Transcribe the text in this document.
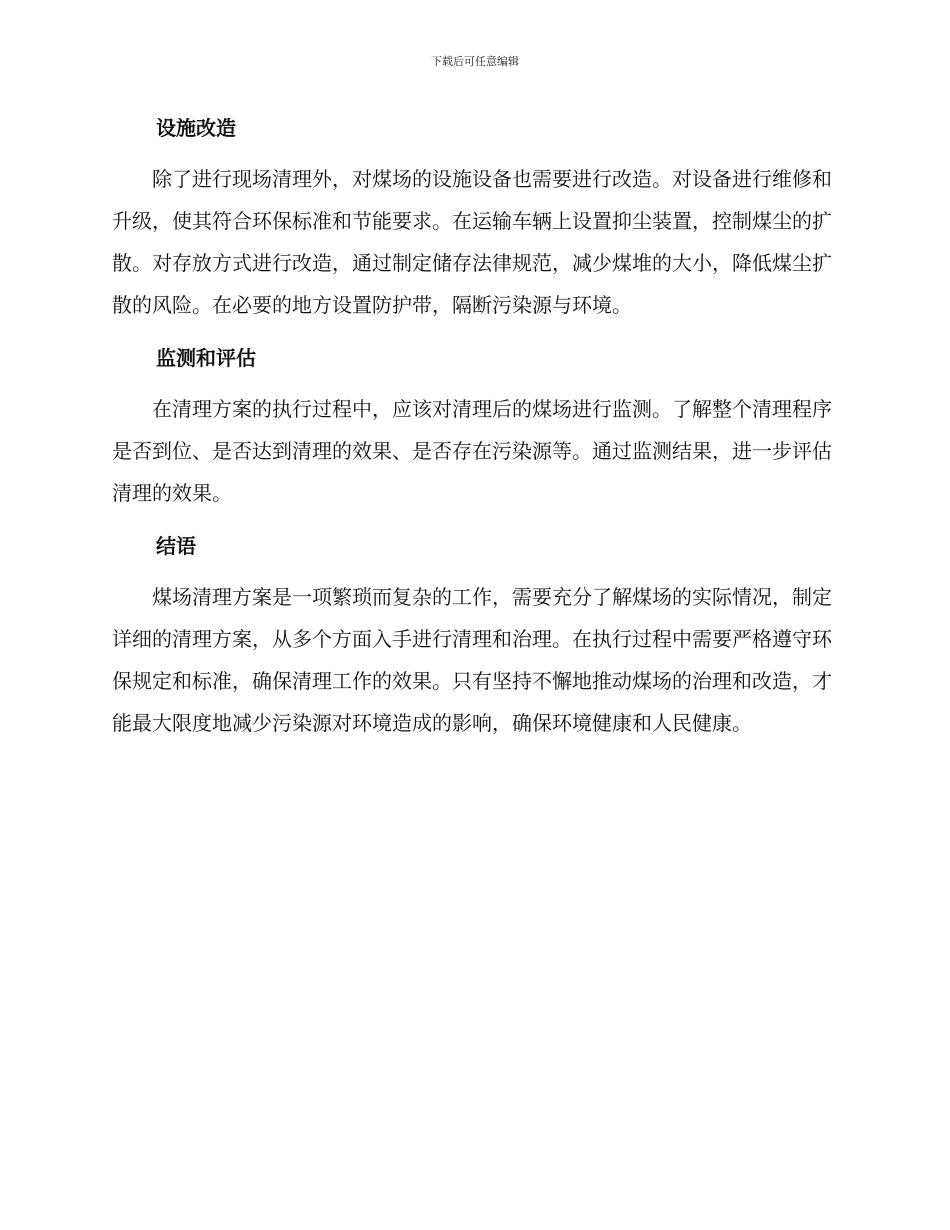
下载后可任意编辑
设施改造

除了进行现场清理外，对煤场的设施设备也需要进行改造。对设备进行维修和升级，使其符合环保标准和节能要求。在运输车辆上设置抑尘装置，控制煤尘的扩散。对存放方式进行改造，通过制定储存法律规范，减少煤堆的大小，降低煤尘扩散的风险。在必要的地方设置防护带，隔断污染源与环境。

监测和评估

在清理方案的执行过程中，应该对清理后的煤场进行监测。了解整个清理程序是否到位、是否达到清理的效果、是否存在污染源等。通过监测结果，进一步评估清理的效果。

结语

煤场清理方案是一项繁琐而复杂的工作，需要充分了解煤场的实际情况，制定详细的清理方案，从多个方面入手进行清理和治理。在执行过程中需要严格遵守环保规定和标准，确保清理工作的效果。只有坚持不懈地推动煤场的治理和改造，才能最大限度地减少污染源对环境造成的影响，确保环境健康和人民健康。
